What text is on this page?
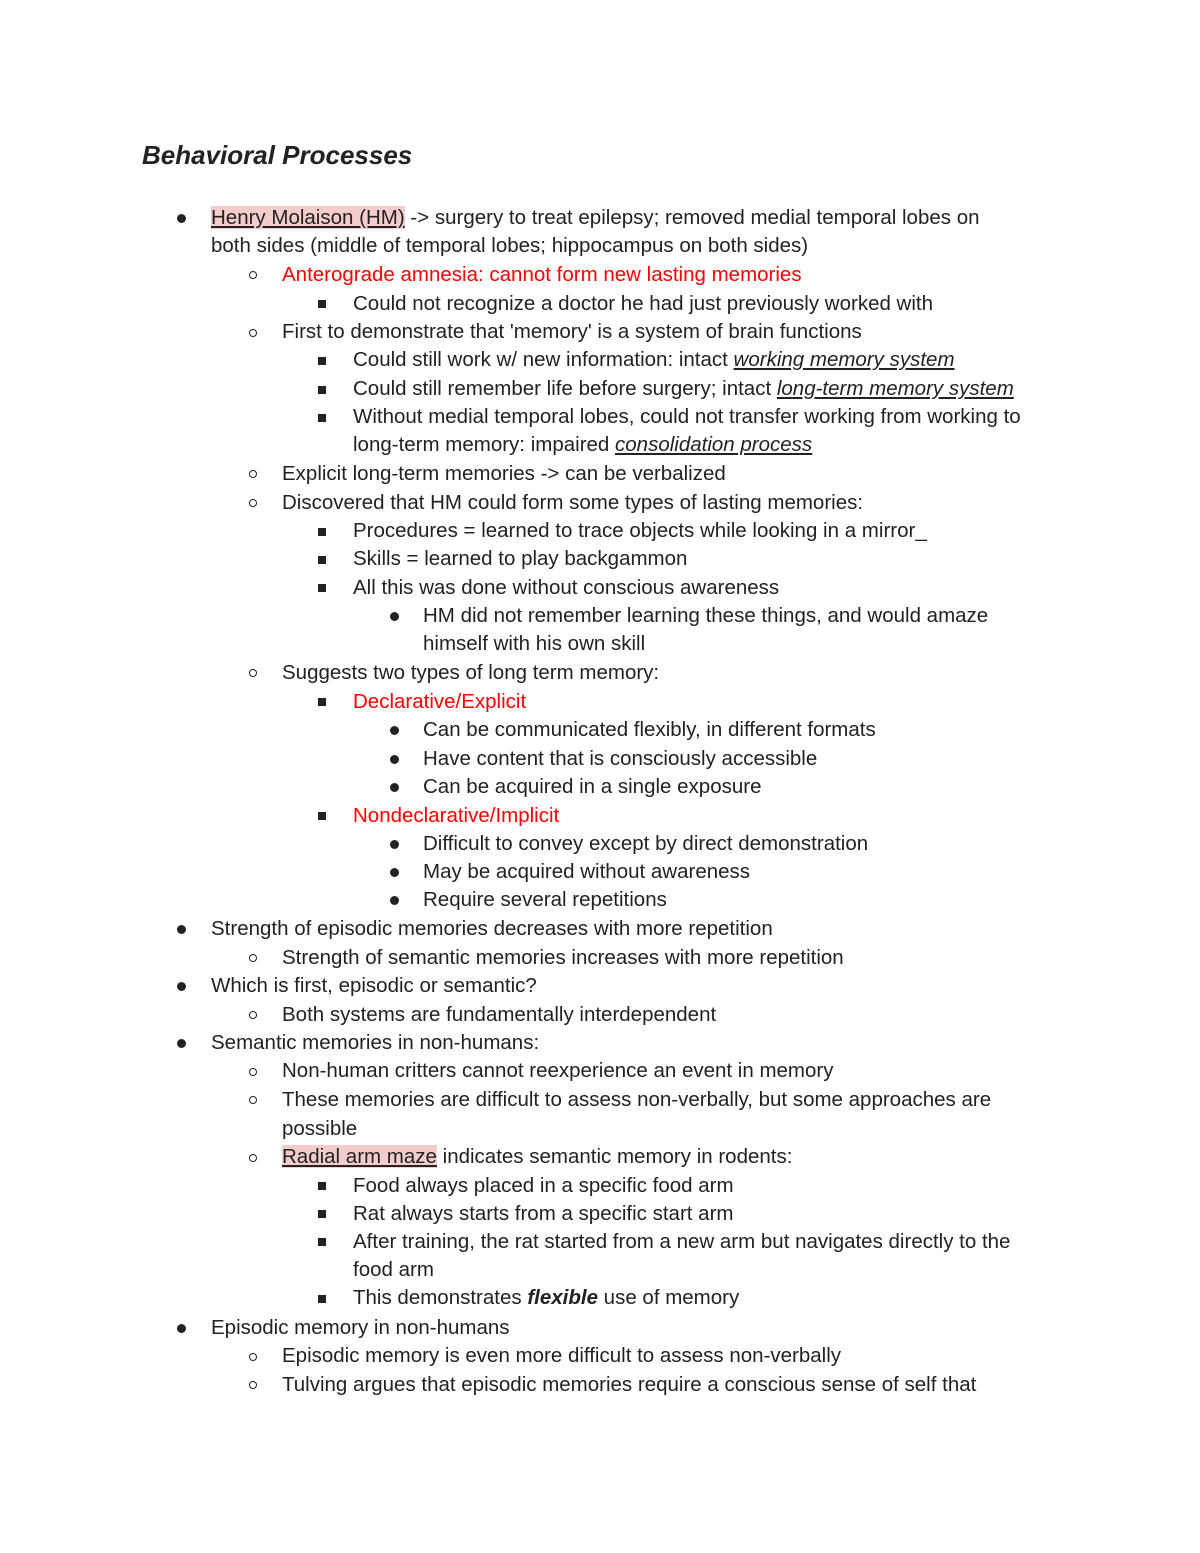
Behavioral Processes
Henry Molaison (HM) -> surgery to treat epilepsy; removed medial temporal lobes on
both sides (middle of temporal lobes; hippocampus on both sides)
Anterograde amnesia: cannot form new lasting memories
Could not recognize a doctor he had just previously worked with
First to demonstrate that 'memory' is a system of brain functions
Could still work w/ new information: intact working memory system
Could still remember life before surgery; intact long-term memory system
Without medial temporal lobes, could not transfer working from working to
long-term memory: impaired consolidation process
Explicit long-term memories -> can be verbalized
Discovered that HM could form some types of lasting memories:
Procedures = learned to trace objects while looking in a mirror_
Skills = learned to play backgammon
All this was done without conscious awareness
HM did not remember learning these things, and would amaze
himself with his own skill
Suggests two types of long term memory:
Declarative/Explicit
Can be communicated flexibly, in different formats
Have content that is consciously accessible
Can be acquired in a single exposure
Nondeclarative/Implicit
Difficult to convey except by direct demonstration
May be acquired without awareness
Require several repetitions
Strength of episodic memories decreases with more repetition
Strength of semantic memories increases with more repetition
Which is first, episodic or semantic?
Both systems are fundamentally interdependent
Semantic memories in non-humans:
Non-human critters cannot reexperience an event in memory
These memories are difficult to assess non-verbally, but some approaches are
possible
Radial arm maze indicates semantic memory in rodents:
Food always placed in a specific food arm
Rat always starts from a specific start arm
After training, the rat started from a new arm but navigates directly to the
food arm
This demonstrates flexible use of memory
Episodic memory in non-humans
Episodic memory is even more difficult to assess non-verbally
Tulving argues that episodic memories require a conscious sense of self that
